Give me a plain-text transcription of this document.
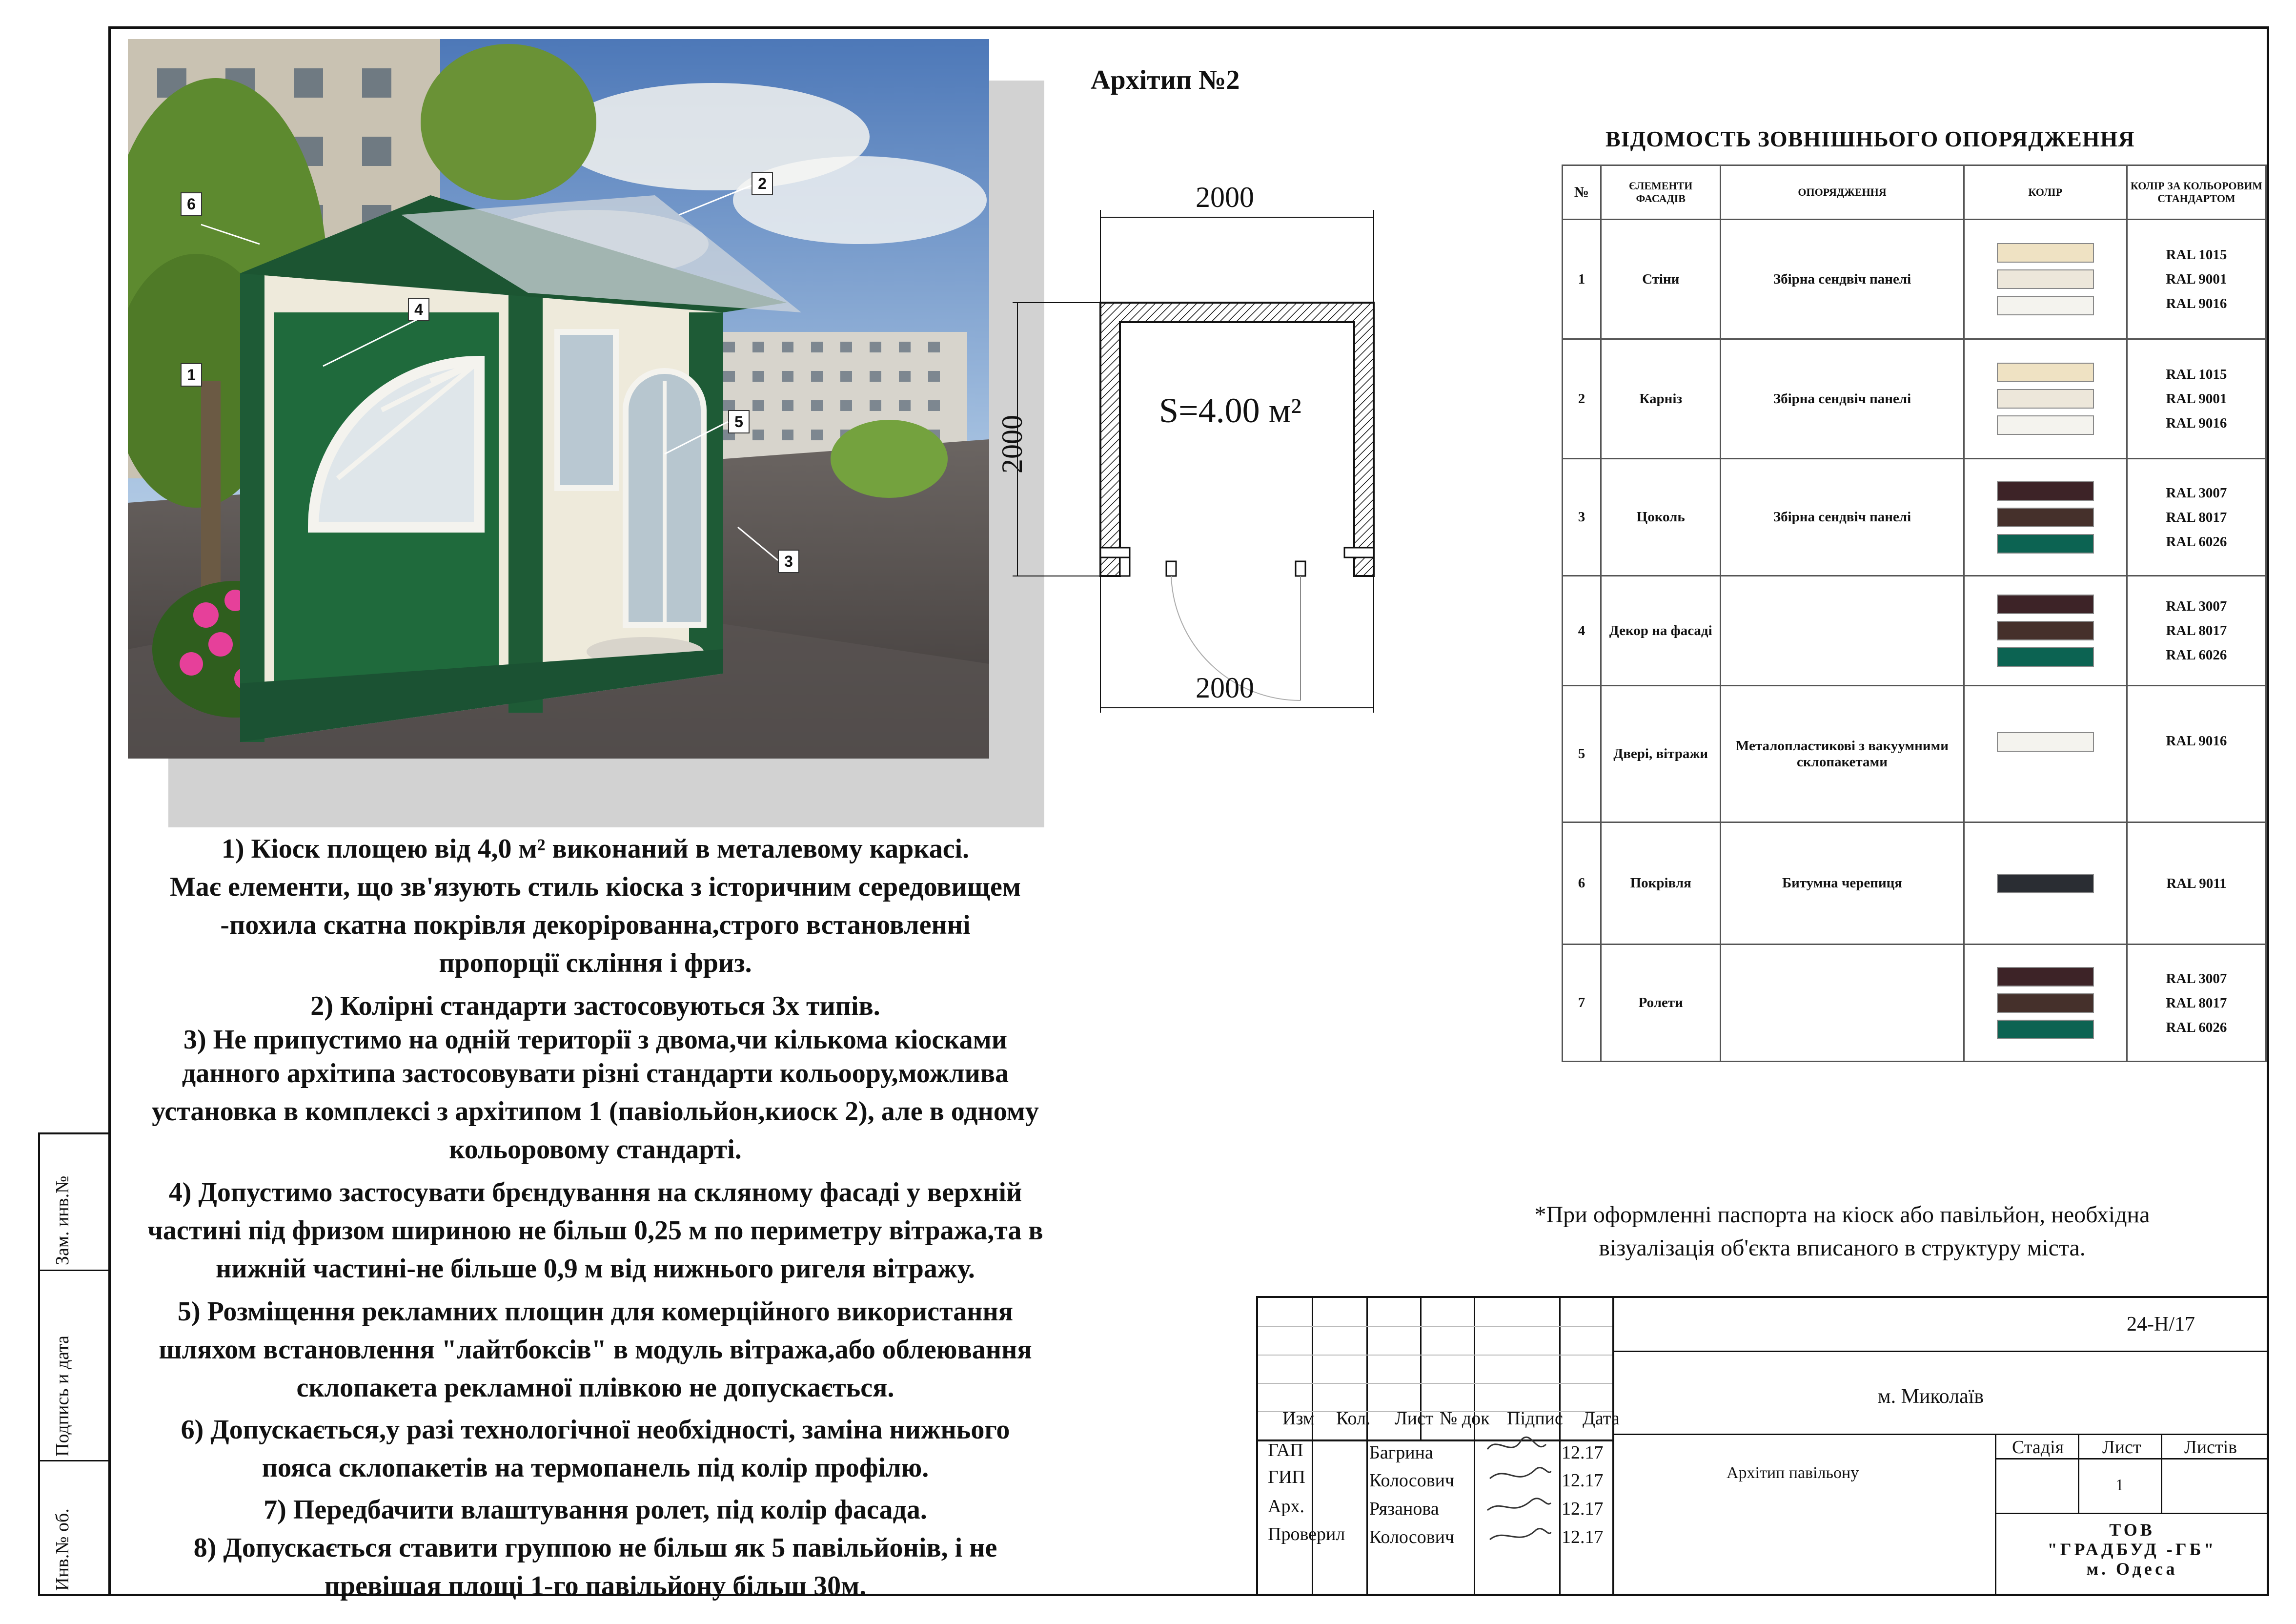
Зам. инв.№
Подпись и дата
Инв.№ об.
Архітип №2
6
2
4
1
5
3
2000
2000
2000
S=4.00 м²

1) Кіоск площею від 4,0 м² виконаний в металевому каркасі.

Має елементи, що зв'язують стиль кіоска з історичним середовищем

-похила скатна покрівля декорірованна,строго встановленні

пропорції скління і фриз.

2) Колірні стандарти застосовуються 3х типів.

3) Не припустимо на одній території з двома,чи кількома кіосками

данного архітипа застосовувати різні стандарти кольоору,можлива

установка в комплексі з архітипом 1 (павіольйон,киоск 2), але в одному

кольоровому стандарті.

4) Допустимо застосувати брєндування на скляному фасаді у верхній

частині під фризом шириною не більш 0,25 м по периметру вітража,та в

нижній частині-не більше 0,9 м від нижнього ригеля вітражу.

5) Розміщення рекламних площин для комерційного використання

шляхом встановлення "лайтбоксів" в модуль вітража,або облеювання

склопакета рекламної плівкою не допускається.

6) Допускається,у разі технологічної необхідності, заміна нижнього

пояса склопакетів на термопанель під колір профілю.

7) Передбачити влаштування ролет, під колір фасада.

8) Допускається ставити группою не більш як 5 павільйонів, і не

превішая площі 1-го павільйону більш 30м.

ВІДОМОСТЬ ЗОВНІШНЬОГО ОПОРЯДЖЕННЯ
№	ЄЛЕМЕНТИ ФАСАДІВ	ОПОРЯДЖЕННЯ	КОЛІР	КОЛІР ЗА КОЛЬОРОВИМ СТАНДАРТОМ
1	Стіни	Збірна сендвіч панелі		RAL 1015
RAL 9001
RAL 9016

2	Карніз	Збірна сендвіч панелі		RAL 1015
RAL 9001
RAL 9016

3	Цоколь	Збірна сендвіч панелі		RAL 3007
RAL 8017
RAL 6026

4	Декор на фасаді			RAL 3007
RAL 8017
RAL 6026

5	Двері, вітражи	Металопластикові з вакуумними склопакетами		RAL 9016

6	Покрівля	Битумна черепиця		RAL 9011

7	Ролети			RAL 3007
RAL 8017
RAL 6026
*При оформленні паспорта на кіоск або павільйон, необхідна
візуалізація об'єкта вписаного в структуру міста.
24-Н/17
м. Миколаїв
Архітип павільону
Изм Кол. Лист № док Підпис Дата
ГАП	Багрина	12.17
ГИП	Колосович	12.17
Арх.	Рязанова	12.17
Проверил Колосович	12.17
Стадія Лист Листів
1
ТОВ
"ГРАДБУД -ГБ"
м. Одеса
